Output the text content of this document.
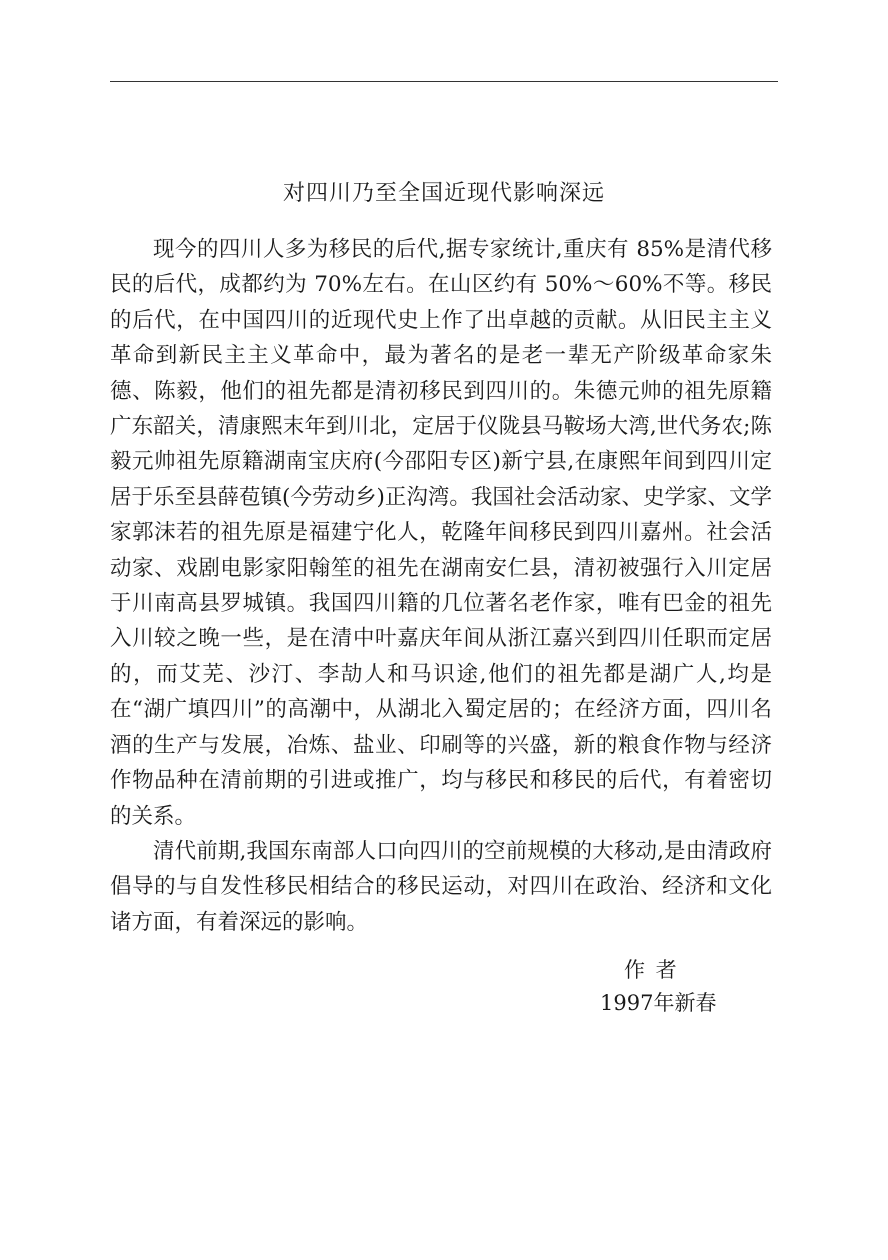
对四川乃至全国近现代影响深远

现今的四川人多为移民的后代,据专家统计,重庆有 85%是清代移民的后代，成都约为 70%左右。在山区约有 50%～60%不等。移民的后代，在中国四川的近现代史上作了出卓越的贡献。从旧民主主义革命到新民主主义革命中，最为著名的是老一辈无产阶级革命家朱德、陈毅，他们的祖先都是清初移民到四川的。朱德元帅的祖先原籍广东韶关，清康熙末年到川北，定居于仪陇县马鞍场大湾,世代务农;陈毅元帅祖先原籍湖南宝庆府(今邵阳专区)新宁县,在康熙年间到四川定居于乐至县薛苞镇(今劳动乡)正沟湾。我国社会活动家、史学家、文学家郭沫若的祖先原是福建宁化人，乾隆年间移民到四川嘉州。社会活动家、戏剧电影家阳翰笙的祖先在湖南安仁县，清初被强行入川定居于川南高县罗城镇。我国四川籍的几位著名老作家，唯有巴金的祖先入川较之晚一些，是在清中叶嘉庆年间从浙江嘉兴到四川任职而定居的，而艾芜、沙汀、李劼人和马识途,他们的祖先都是湖广人,均是在“湖广填四川”的高潮中，从湖北入蜀定居的；在经济方面，四川名酒的生产与发展，冶炼、盐业、印刷等的兴盛，新的粮食作物与经济作物品种在清前期的引进或推广，均与移民和移民的后代，有着密切的关系。

清代前期,我国东南部人口向四川的空前规模的大移动,是由清政府倡导的与自发性移民相结合的移民运动，对四川在政治、经济和文化诸方面，有着深远的影响。

作 者
1997年新春
